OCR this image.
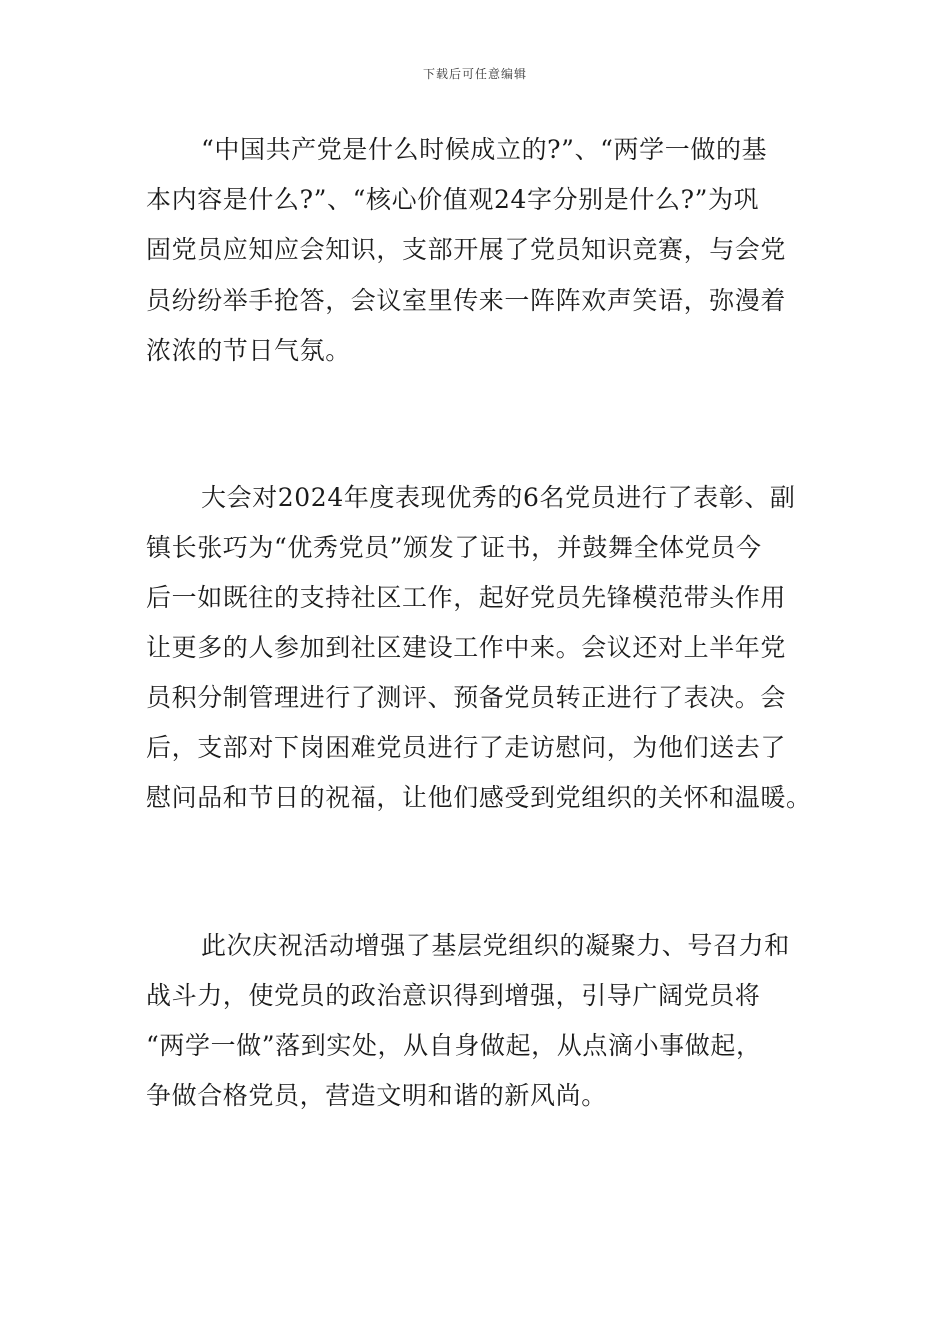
下载后可任意编辑
“中国共产党是什么时候成立的?”、“两学一做的基
本内容是什么?”、“核心价值观24字分别是什么?”为巩
固党员应知应会知识，支部开展了党员知识竞赛，与会党
员纷纷举手抢答，会议室里传来一阵阵欢声笑语，弥漫着
浓浓的节日气氛。
大会对2024年度表现优秀的6名党员进行了表彰、副
镇长张巧为“优秀党员”颁发了证书，并鼓舞全体党员今
后一如既往的支持社区工作，起好党员先锋模范带头作用
让更多的人参加到社区建设工作中来。会议还对上半年党
员积分制管理进行了测评、预备党员转正进行了表决。会
后，支部对下岗困难党员进行了走访慰问，为他们送去了
慰问品和节日的祝福，让他们感受到党组织的关怀和温暖。
此次庆祝活动增强了基层党组织的凝聚力、号召力和
战斗力，使党员的政治意识得到增强，引导广阔党员将
“两学一做”落到实处，从自身做起，从点滴小事做起，
争做合格党员，营造文明和谐的新风尚。
